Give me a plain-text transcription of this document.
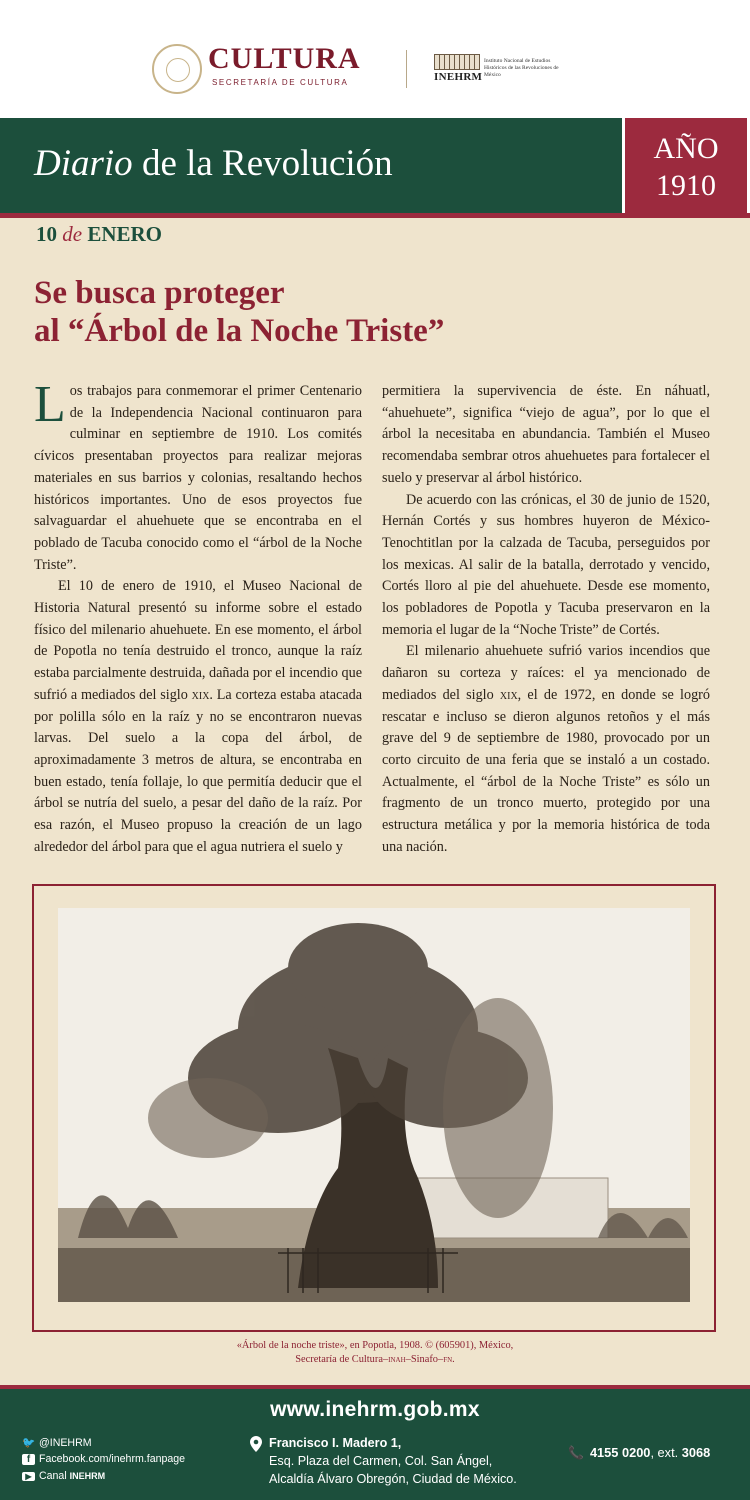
CULTURA
SECRETARÍA DE CULTURA	INEHRM
Instituto Nacional de Estudios Históricos de las Revoluciones de México
Diario de la Revolución	AÑO
1910
10 de ENERO
Se busca proteger
al “Árbol de la Noche Triste”

Los trabajos para conmemorar el primer Centenario de la Independencia Nacional continuaron para culminar en septiembre de 1910. Los comités cívicos presentaban proyectos para realizar mejoras materiales en sus barrios y colonias, resaltando hechos históricos importantes. Uno de esos proyectos fue salvaguardar el ahuehuete que se encontraba en el poblado de Tacuba conocido como el “árbol de la Noche Triste”.

El 10 de enero de 1910, el Museo Nacional de Historia Natural presentó su informe sobre el estado físico del milenario ahuehuete. En ese momento, el árbol de Popotla no tenía destruido el tronco, aunque la raíz estaba parcialmente destruida, dañada por el incendio que sufrió a mediados del siglo xix. La corteza estaba atacada por polilla sólo en la raíz y no se encontraron nuevas larvas. Del suelo a la copa del árbol, de aproximadamente 3 metros de altura, se encontraba en buen estado, tenía follaje, lo que permitía deducir que el árbol se nutría del suelo, a pesar del daño de la raíz. Por esa razón, el Museo propuso la creación de un lago alrededor del árbol para que el agua nutriera el suelo y

«Árbol de la noche triste», en Popotla, 1908. © (605901), México,
Secretaría de Cultura–inah–Sinafo–fn.
www.inehrm.gob.mx
🐦 @INEHRM
f Facebook.com/inehrm.fanpage
▶ Canal INEHRM
Francisco I. Madero 1,
Esq. Plaza del Carmen, Col. San Ángel,
Alcaldía Álvaro Obregón, Ciudad de México.
📞 4155 0200, ext. 3068

permitiera la supervivencia de éste. En náhuatl, “ahuehuete”, significa “viejo de agua”, por lo que el árbol la necesitaba en abundancia. También el Museo recomendaba sembrar otros ahuehuetes para fortalecer el suelo y preservar al árbol histórico.

De acuerdo con las crónicas, el 30 de junio de 1520, Hernán Cortés y sus hombres huyeron de México-Tenochtitlan por la calzada de Tacuba, perseguidos por los mexicas. Al salir de la batalla, derrotado y vencido, Cortés lloro al pie del ahuehuete. Desde ese momento, los pobladores de Popotla y Tacuba preservaron en la memoria el lugar de la “Noche Triste” de Cortés.

El milenario ahuehuete sufrió varios incendios que dañaron su corteza y raíces: el ya mencionado de mediados del siglo xix, el de 1972, en donde se logró rescatar e incluso se dieron algunos retoños y el más grave del 9 de septiembre de 1980, provocado por un corto circuito de una feria que se instaló a un costado. Actualmente, el “árbol de la Noche Triste” es sólo un fragmento de un tronco muerto, protegido por una estructura metálica y por la memoria histórica de toda una nación.
